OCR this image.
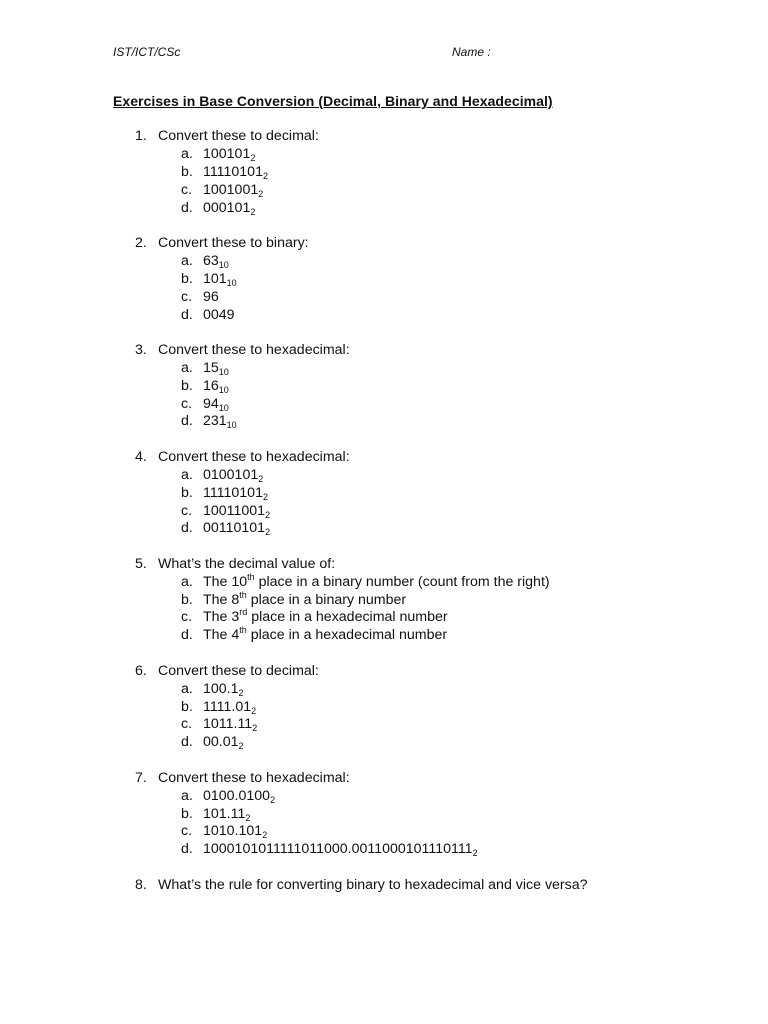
IST/ICT/CSc	Name :
Exercises in Base Conversion (Decimal, Binary and Hexadecimal)
1. Convert these to decimal:
a. $100101_2$
b. $11110101_2$
c. $1001001_2$
d. $000101_2$
2. Convert these to binary:
a. $63_{10}$
b. $101_{10}$
c. 96
d. 0049
3. Convert these to hexadecimal:
a. $15_{10}$
b. $16_{10}$
c. $94_{10}$
d. $231_{10}$
4. Convert these to hexadecimal:
a. $0100101_2$
b. $11110101_2$
c. $10011001_2$
d. $00110101_2$
5. What’s the decimal value of:
a. The 10th place in a binary number (count from the right)
b. The 8th place in a binary number
c. The 3rd place in a hexadecimal number
d. The 4th place in a hexadecimal number
6. Convert these to decimal:
a. $100.1_2$
b. $1111.01_2$
c. $1011.11_2$
d. $00.01_2$
7. Convert these to hexadecimal:
a. $0100.0100_2$
b. $101.11_2$
c. $1010.101_2$
d. $1000101011111011000.0011000101110111_2$
8. What’s the rule for converting binary to hexadecimal and vice versa?
